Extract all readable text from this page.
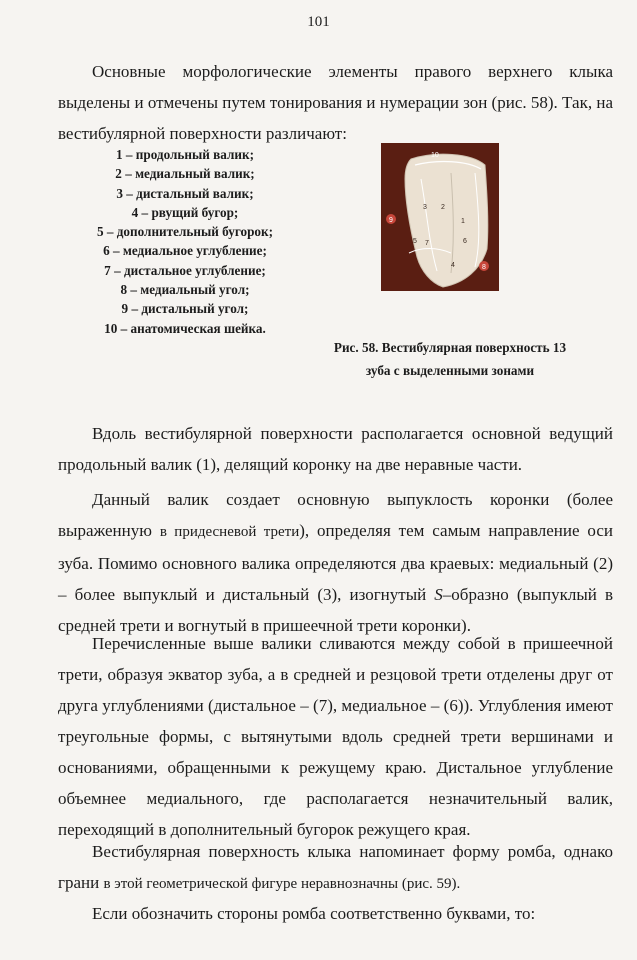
101

Основные морфологические элементы правого верхнего клыка выделены и отмечены путем тонирования и нумерации зон (рис. 58). Так, на вестибулярной поверхности различают:

1 – продольный валик;
2 – медиальный валик;
3 – дистальный валик;
4 – рвущий бугор;
5 – дополнительный бугорок;
6 – медиальное углубление;
7 – дистальное углубление;
8 – медиальный угол;
9 – дистальный угол;
10 – анатомическая шейка.
10
3 2
1
9
5 7	6
4	8
Рис. 58. Вестибулярная поверхность 13
зуба с выделенными зонами

Вдоль вестибулярной поверхности располагается основной ведущий продольный валик (1), делящий коронку на две неравные части.

Данный валик создает основную выпуклость коронки (более выраженную в придесневой трети), определяя тем самым направление оси зуба. Помимо основного валика определяются два краевых: медиальный (2) – более выпуклый и дистальный (3), изогнутый S–образно (выпуклый в средней трети и вогнутый в пришеечной трети коронки).

Перечисленные выше валики сливаются между собой в пришеечной трети, образуя экватор зуба, а в средней и резцовой трети отделены друг от друга углублениями (дистальное – (7), медиальное – (6)). Углубления имеют треугольные формы, с вытянутыми вдоль средней трети вершинами и основаниями, обращенными к режущему краю. Дистальное углубление объемнее медиального, где располагается незначительный валик, переходящий в дополнительный бугорок режущего края.

Вестибулярная поверхность клыка напоминает форму ромба, однако грани в этой геометрической фигуре неравнозначны (рис. 59).

Если обозначить стороны ромба соответственно буквами, то:
